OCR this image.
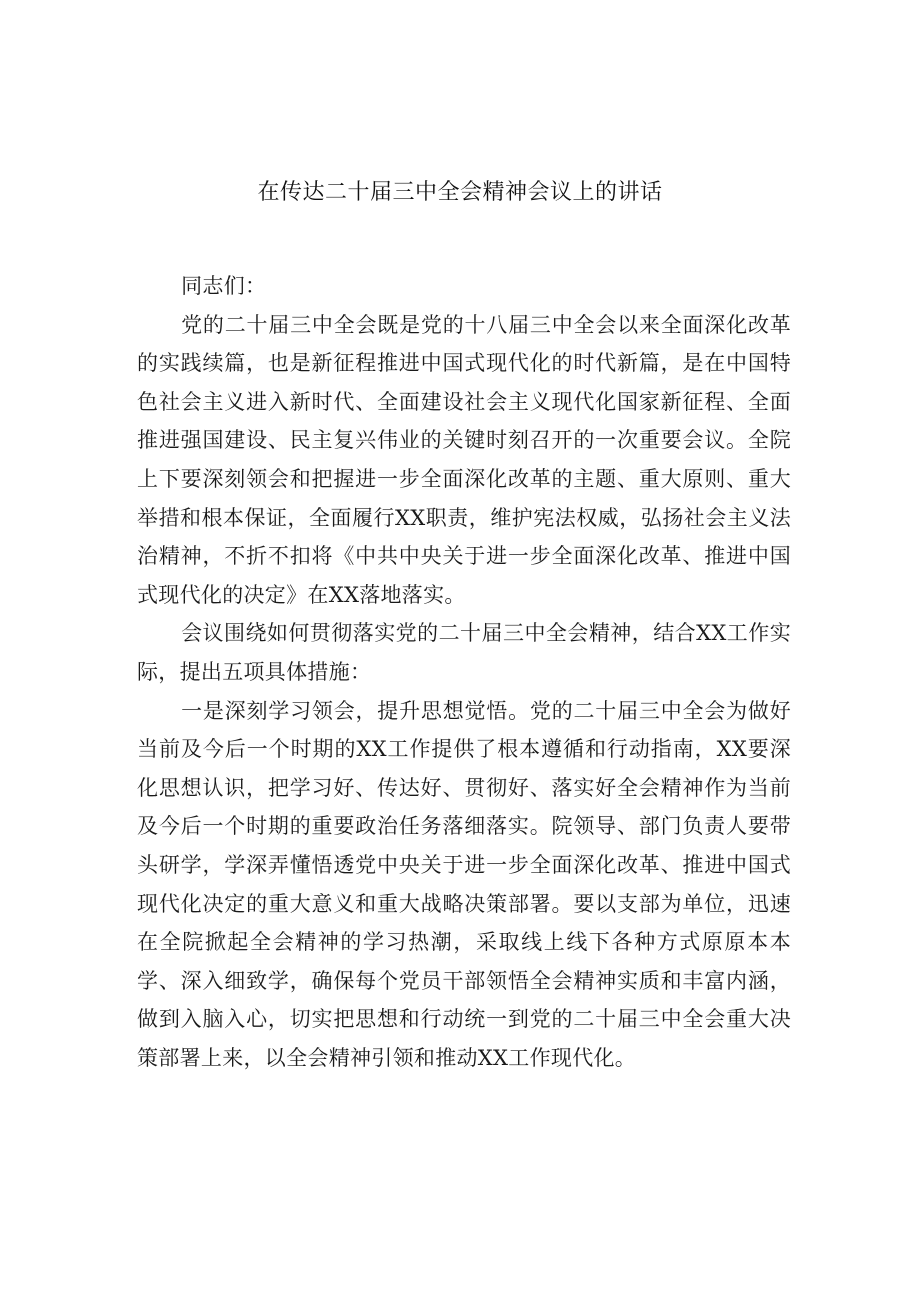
在传达二十届三中全会精神会议上的讲话

同志们：

党的二十届三中全会既是党的十八届三中全会以来全面深化改革的实践续篇，也是新征程推进中国式现代化的时代新篇，是在中国特色社会主义进入新时代、全面建设社会主义现代化国家新征程、全面推进强国建设、民主复兴伟业的关键时刻召开的一次重要会议。全院上下要深刻领会和把握进一步全面深化改革的主题、重大原则、重大举措和根本保证，全面履行XX职责，维护宪法权威，弘扬社会主义法治精神，不折不扣将《中共中央关于进一步全面深化改革、推进中国式现代化的决定》在XX落地落实。

会议围绕如何贯彻落实党的二十届三中全会精神，结合XX工作实际，提出五项具体措施：

一是深刻学习领会，提升思想觉悟。党的二十届三中全会为做好当前及今后一个时期的XX工作提供了根本遵循和行动指南，XX要深化思想认识，把学习好、传达好、贯彻好、落实好全会精神作为当前及今后一个时期的重要政治任务落细落实。院领导、部门负责人要带头研学，学深弄懂悟透党中央关于进一步全面深化改革、推进中国式现代化决定的重大意义和重大战略决策部署。要以支部为单位，迅速在全院掀起全会精神的学习热潮，采取线上线下各种方式原原本本学、深入细致学，确保每个党员干部领悟全会精神实质和丰富内涵，做到入脑入心，切实把思想和行动统一到党的二十届三中全会重大决策部署上来，以全会精神引领和推动XX工作现代化。
